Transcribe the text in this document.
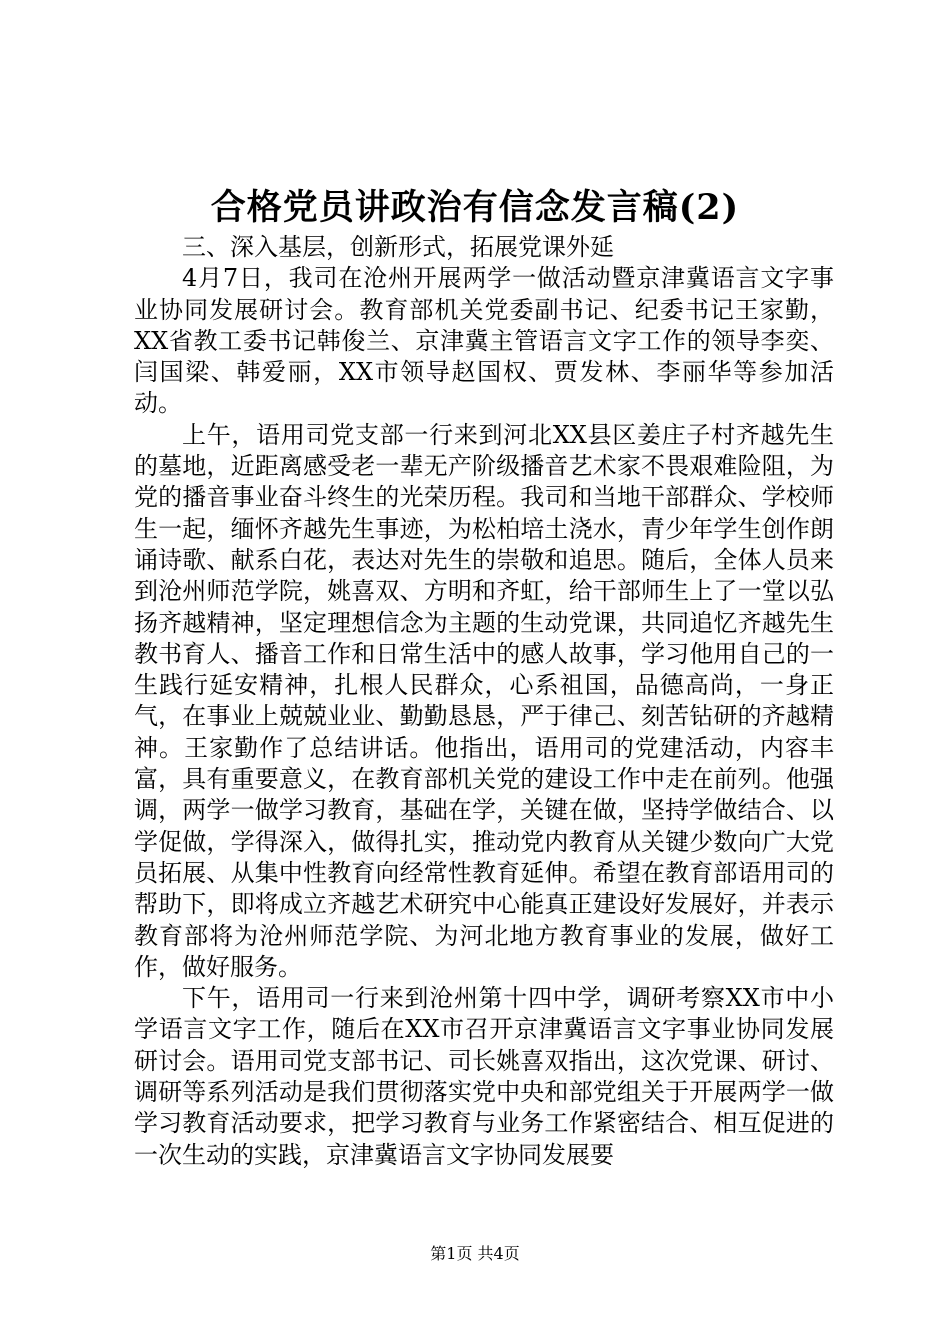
合格党员讲政治有信念发言稿(2)

三、深入基层，创新形式，拓展党课外延

4月7日，我司在沧州开展两学一做活动暨京津冀语言文字事业协同发展研讨会。教育部机关党委副书记、纪委书记王家勤，XX省教工委书记韩俊兰、京津冀主管语言文字工作的领导李奕、闫国梁、韩爱丽，XX市领导赵国权、贾发林、李丽华等参加活动。

上午，语用司党支部一行来到河北XX县区姜庄子村齐越先生的墓地，近距离感受老一辈无产阶级播音艺术家不畏艰难险阻，为党的播音事业奋斗终生的光荣历程。我司和当地干部群众、学校师生一起，缅怀齐越先生事迹，为松柏培土浇水，青少年学生创作朗诵诗歌、献系白花，表达对先生的崇敬和追思。随后，全体人员来到沧州师范学院，姚喜双、方明和齐虹，给干部师生上了一堂以弘扬齐越精神，坚定理想信念为主题的生动党课，共同追忆齐越先生教书育人、播音工作和日常生活中的感人故事，学习他用自己的一生践行延安精神，扎根人民群众，心系祖国，品德高尚，一身正气，在事业上兢兢业业、勤勤恳恳，严于律己、刻苦钻研的齐越精神。王家勤作了总结讲话。他指出，语用司的党建活动，内容丰富，具有重要意义，在教育部机关党的建设工作中走在前列。他强调，两学一做学习教育，基础在学，关键在做，坚持学做结合、以学促做，学得深入，做得扎实，推动党内教育从关键少数向广大党员拓展、从集中性教育向经常性教育延伸。希望在教育部语用司的帮助下，即将成立齐越艺术研究中心能真正建设好发展好，并表示教育部将为沧州师范学院、为河北地方教育事业的发展，做好工作，做好服务。

下午，语用司一行来到沧州第十四中学，调研考察XX市中小学语言文字工作，随后在XX市召开京津冀语言文字事业协同发展研讨会。语用司党支部书记、司长姚喜双指出，这次党课、研讨、调研等系列活动是我们贯彻落实党中央和部党组关于开展两学一做学习教育活动要求，把学习教育与业务工作紧密结合、相互促进的一次生动的实践，京津冀语言文字协同发展要

第1页 共4页
